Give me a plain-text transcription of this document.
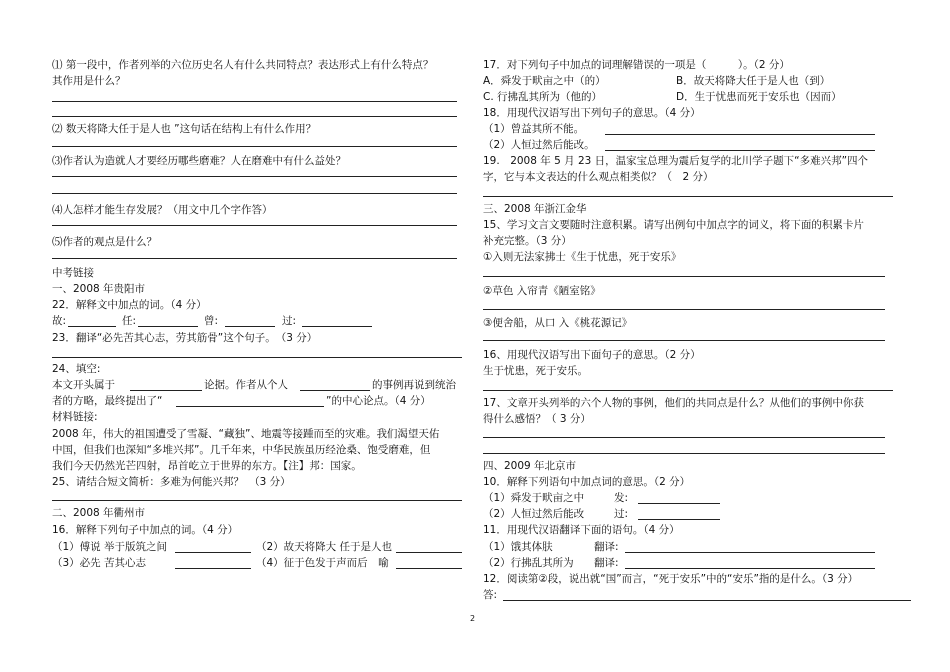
⑴ 第一段中，作者列举的六位历史名人有什么共同特点？表达形式上有什么特点？
其作用是什么？
⑵ 数天将降大任于是人也 ”这句话在结构上有什么作用？
⑶作者认为造就人才要经历哪些磨难？人在磨难中有什么益处？
⑷人怎样才能生存发展？（用文中几个字作答）
⑸作者的观点是什么？
中考链接
一、2008 年贵阳市
22．解释文中加点的词。（4 分）
故:	任:	曾:	过:
23．翻译“必先苦其心志，劳其筋骨”这个句子。　（3 分）
24、填空:
本文开头属于	论据。作者从个人	的事例再说到统治
者的方略，最终提出了“	”的中心论点。（4 分）
材料链接:
2008 年，伟大的祖国遭受了雪凝、“藏独”、地震等接踵而至的灾难。我们渴望天佑
中国，但我们也深知“多堆兴邦”。几千年来，中华民族虽历经沧桑、饱受磨难，但
我们今天仍然光芒四射，昂首屹立于世界的东方。【注】邦：国家。
25、请结合短文简析：多难为何能兴邦？　（3 分）
二、2008 年衢州市
16．解释下列句子中加点的词。（4 分）
（1）傅说 举于版筑之间	（2）故天将降大 任于是人也
（3）必先 苦其心志	（4）征于色发于声而后　喻
17．对下列句子中加点的词理解错误的一项是（　　　）。（2 分）
A．舜发于畎亩之中（的）	B．故天将降大任于是人也（到）
C. 行拂乱其所为（他的）	D．生于忧患而死于安乐也（因而）
18．用现代汉语写出下列句子的意思。（4 分）
（1）曾益其所不能。
（2）人恒过然后能改。
19.　2008 年 5 月 23 日，温家宝总理为震后复学的北川学子题下“多难兴邦”四个
字，它与本文表达的什么观点相类似？（　2 分）
三、2008 年浙江金华
15、学习文言文要随时注意积累。请写出例句中加点字的词义，将下面的积累卡片
补充完整。（3 分）
①入则无法家拂士《生于忧患，死于安乐》
②草色 入帘青《陋室铭》
③便舍船，从口 入《桃花源记》
16、用现代汉语写出下面句子的意思。（2 分）
生于忧患，死于安乐。
17、文章开头列举的六个人物的事例，他们的共同点是什么？从他们的事例中你获
得什么感悟？（ 3 分）
四、2009 年北京市
10．解释下列语句中加点词的意思。（2 分）
（1）舜发于畎亩之中	发:
（2）人恒过然后能改	过:
11．用现代汉语翻译下面的语句。（4 分）
（1）饿其体肤	翻译:
（2）行拂乱其所为 翻译:
12．阅读第②段，说出就“国”而言，“死于安乐”中的“安乐”指的是什么。（3 分）
答:
2
